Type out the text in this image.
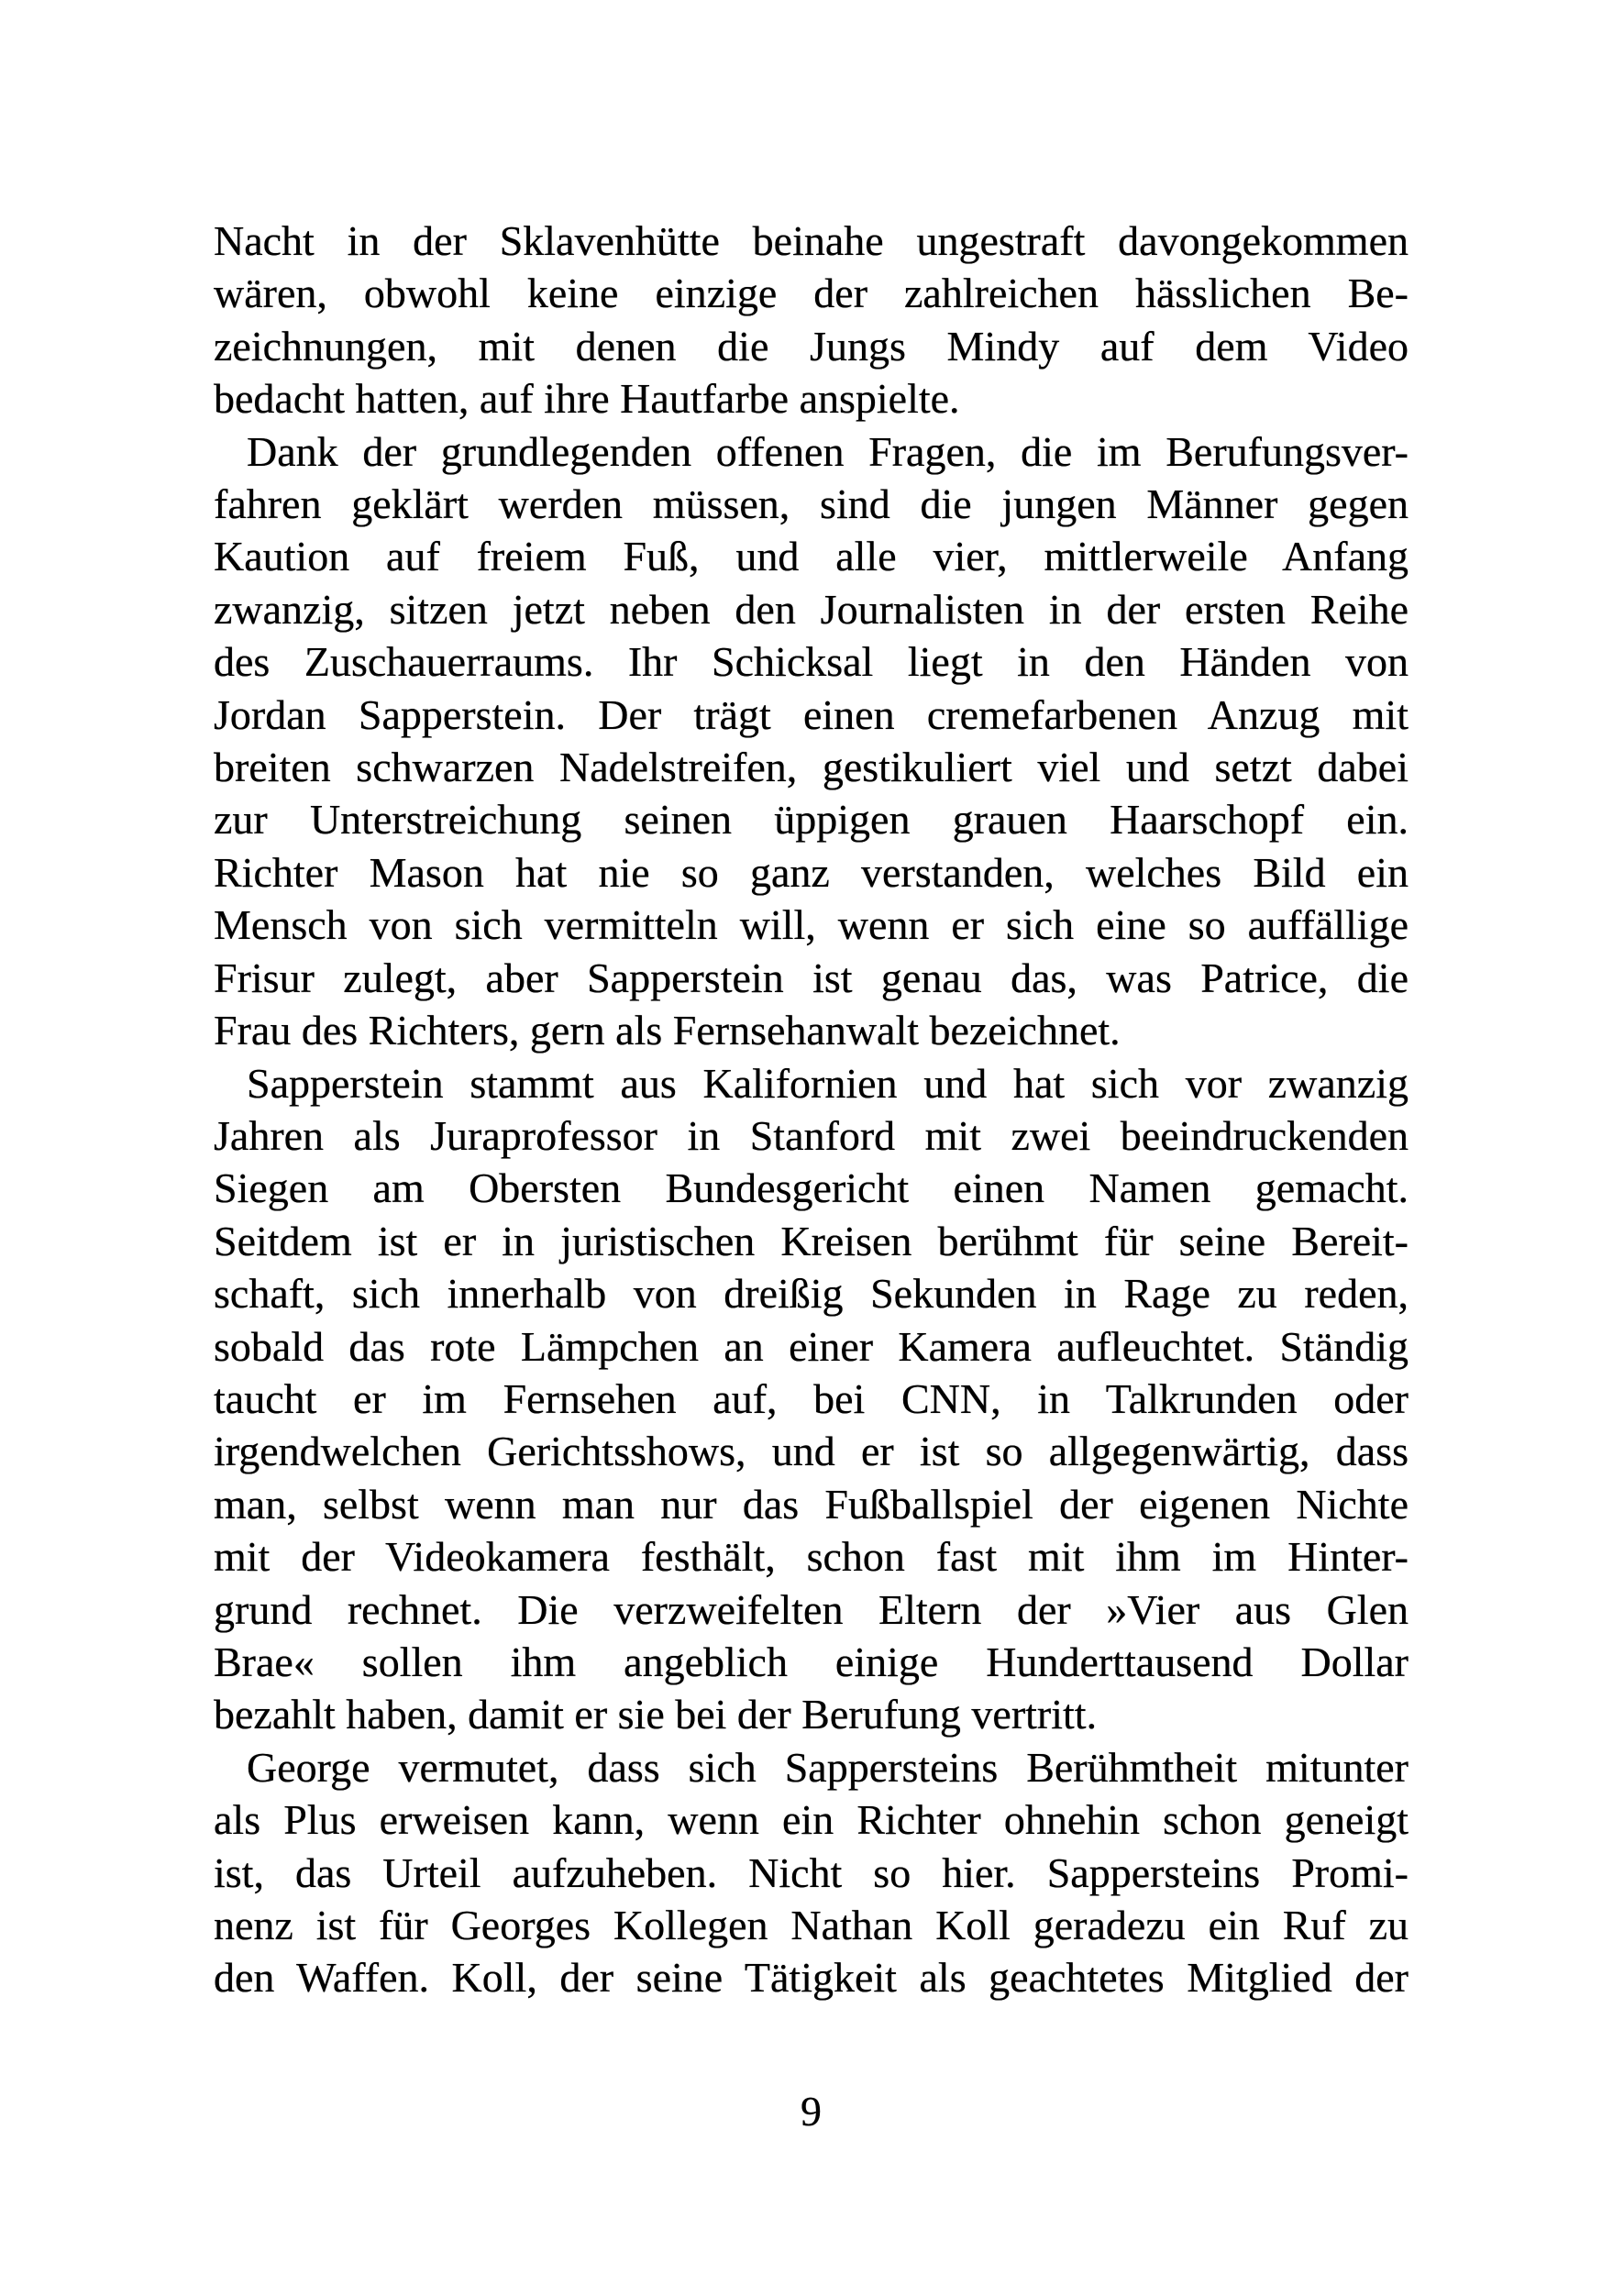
Nacht in der Sklavenhütte beinahe ungestraft davongekommen
wären, obwohl keine einzige der zahlreichen hässlichen Be-
zeichnungen, mit denen die Jungs Mindy auf dem Video
bedacht hatten, auf ihre Hautfarbe anspielte.
Dank der grundlegenden offenen Fragen, die im Berufungsver-
fahren geklärt werden müssen, sind die jungen Männer gegen
Kaution auf freiem Fuß, und alle vier, mittlerweile Anfang
zwanzig, sitzen jetzt neben den Journalisten in der ersten Reihe
des Zuschauerraums. Ihr Schicksal liegt in den Händen von
Jordan Sapperstein. Der trägt einen cremefarbenen Anzug mit
breiten schwarzen Nadelstreifen, gestikuliert viel und setzt dabei
zur Unterstreichung seinen üppigen grauen Haarschopf ein.
Richter Mason hat nie so ganz verstanden, welches Bild ein
Mensch von sich vermitteln will, wenn er sich eine so auffällige
Frisur zulegt, aber Sapperstein ist genau das, was Patrice, die
Frau des Richters, gern als Fernsehanwalt bezeichnet.
Sapperstein stammt aus Kalifornien und hat sich vor zwanzig
Jahren als Juraprofessor in Stanford mit zwei beeindruckenden
Siegen am Obersten Bundesgericht einen Namen gemacht.
Seitdem ist er in juristischen Kreisen berühmt für seine Bereit-
schaft, sich innerhalb von dreißig Sekunden in Rage zu reden,
sobald das rote Lämpchen an einer Kamera aufleuchtet. Ständig
taucht er im Fernsehen auf, bei CNN, in Talkrunden oder
irgendwelchen Gerichtsshows, und er ist so allgegenwärtig, dass
man, selbst wenn man nur das Fußballspiel der eigenen Nichte
mit der Videokamera festhält, schon fast mit ihm im Hinter-
grund rechnet. Die verzweifelten Eltern der »Vier aus Glen
Brae« sollen ihm angeblich einige Hunderttausend Dollar
bezahlt haben, damit er sie bei der Berufung vertritt.
George vermutet, dass sich Sappersteins Berühmtheit mitunter
als Plus erweisen kann, wenn ein Richter ohnehin schon geneigt
ist, das Urteil aufzuheben. Nicht so hier. Sappersteins Promi-
nenz ist für Georges Kollegen Nathan Koll geradezu ein Ruf zu
den Waffen. Koll, der seine Tätigkeit als geachtetes Mitglied der
9
